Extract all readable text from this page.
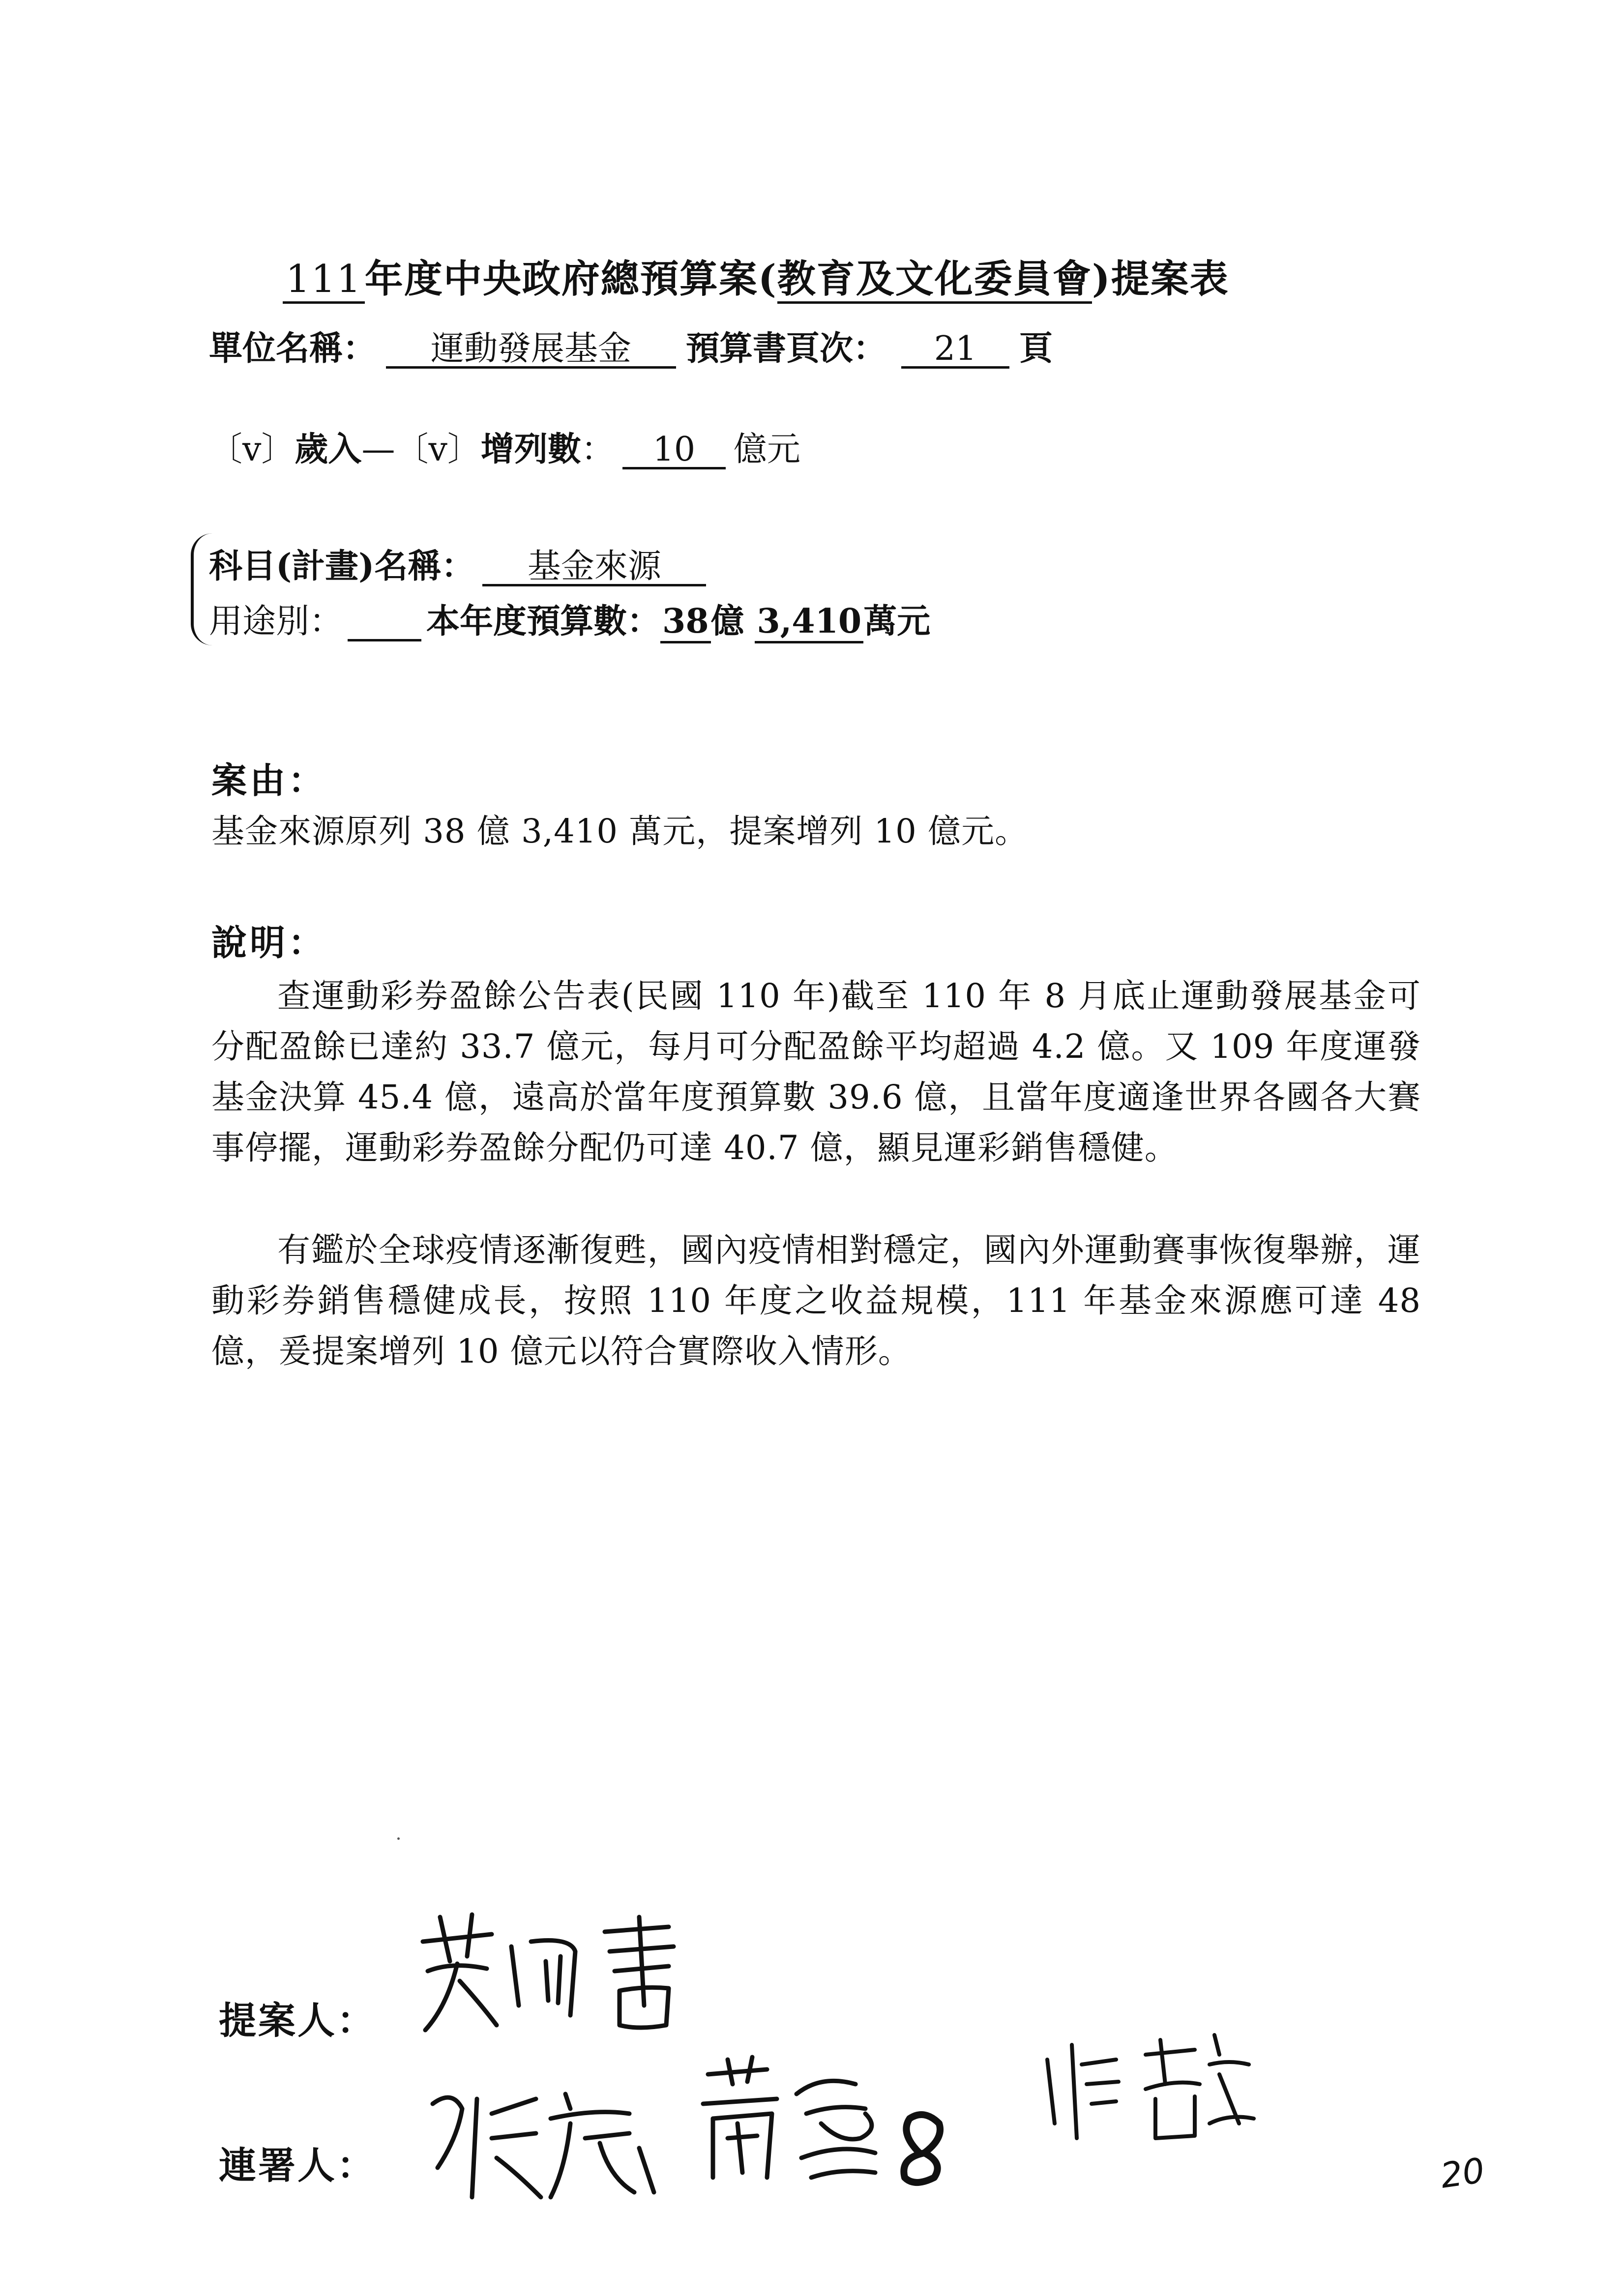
111年度中央政府總預算案(教育及文化委員會)提案表
單位名稱： 運動發展基金 預算書頁次： 21 頁
〔v〕歲入—〔v〕增列數： 10 億元
科目(計畫)名稱： 基金來源
用途別：	本年度預算數：38億 3,410萬元
案由：
基金來源原列 38 億 3,410 萬元，提案增列 10 億元。
說明：
查運動彩券盈餘公告表(民國 110 年)截至 110 年 8 月底止運動發展基金可分配盈餘已達約 33.7 億元，每月可分配盈餘平均超過 4.2 億。又 109 年度運發基金決算 45.4 億，遠高於當年度預算數 39.6 億，且當年度適逢世界各國各大賽事停擺，運動彩券盈餘分配仍可達 40.7 億，顯見運彩銷售穩健。
有鑑於全球疫情逐漸復甦，國內疫情相對穩定，國內外運動賽事恢復舉辦，運動彩券銷售穩健成長，按照 110 年度之收益規模，111 年基金來源應可達 48 億，爰提案增列 10 億元以符合實際收入情形。
提案人：
連署人：	20
